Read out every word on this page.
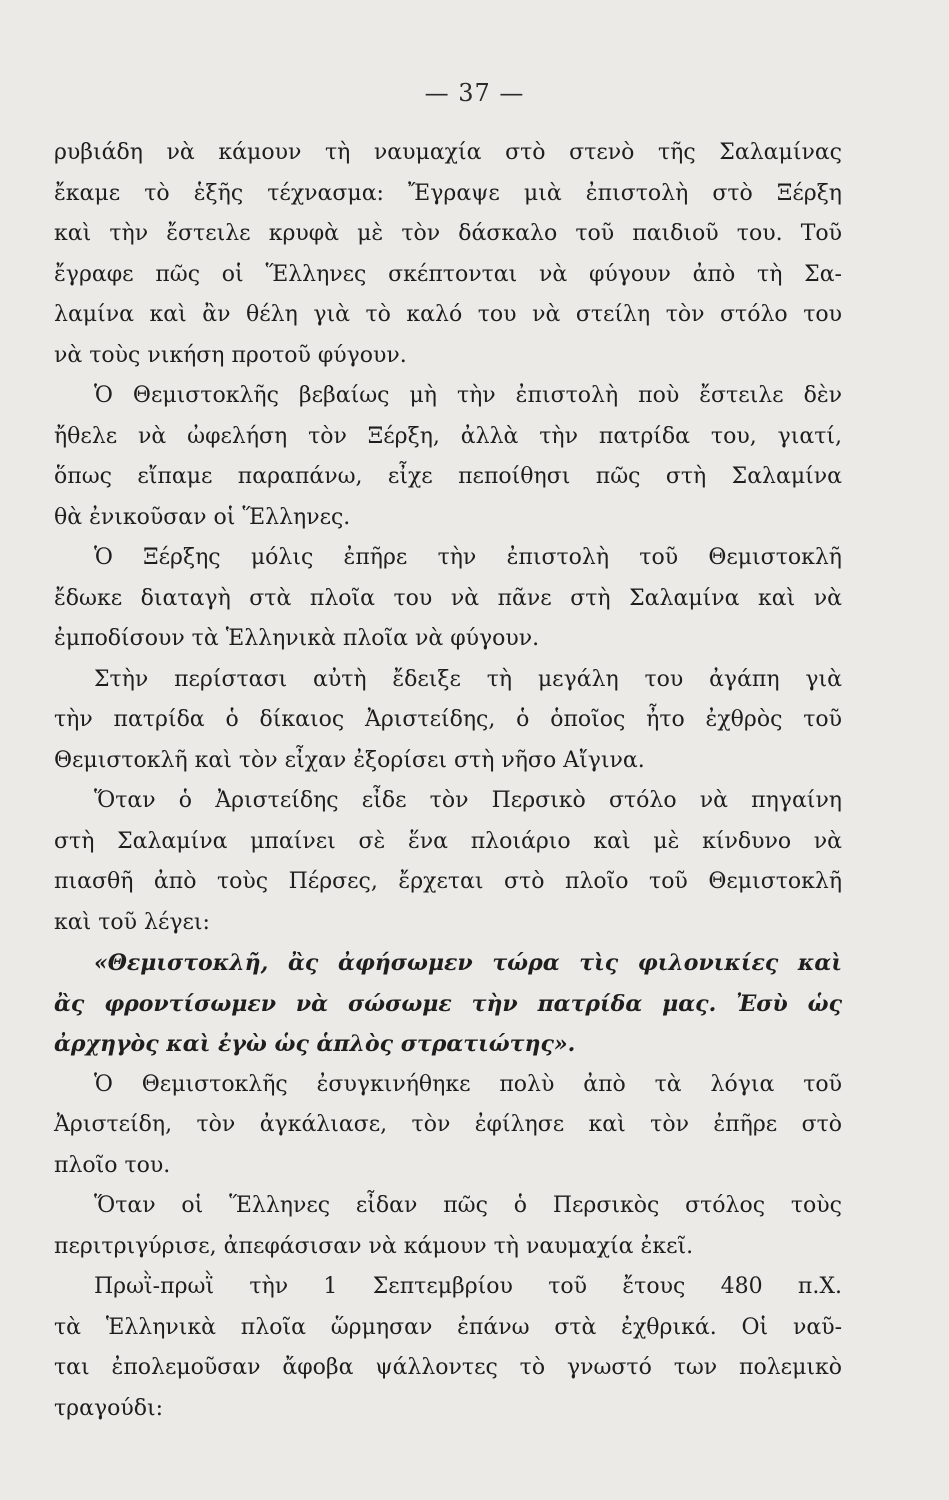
— 37 —
ρυβιάδη νὰ κάμουν τὴ ναυμαχία στὸ στενὸ τῆς Σαλαμίνας
ἔκαμε τὸ ἑξῆς τέχνασμα: Ἔγραψε μιὰ ἐπιστολὴ στὸ Ξέρξη
καὶ τὴν ἔστειλε κρυφὰ μὲ τὸν δάσκαλο τοῦ παιδιοῦ του. Τοῦ
ἔγραφε πῶς οἱ Ἕλληνες σκέπτονται νὰ φύγουν ἀπὸ τὴ Σα-
λαμίνα καὶ ἂν θέλη γιὰ τὸ καλό του νὰ στείλη τὸν στόλο του
νὰ τοὺς νικήση προτοῦ φύγουν.
Ὁ Θεμιστοκλῆς βεβαίως μὴ τὴν ἐπιστολὴ ποὺ ἔστειλε δὲν
ἤθελε νὰ ὠφελήση τὸν Ξέρξη, ἀλλὰ τὴν πατρίδα του, γιατί,
ὅπως εἴπαμε παραπάνω, εἶχε πεποίθησι πῶς στὴ Σαλαμίνα
θὰ ἐνικοῦσαν οἱ Ἕλληνες.
Ὁ Ξέρξης μόλις ἐπῆρε τὴν ἐπιστολὴ τοῦ Θεμιστοκλῆ
ἔδωκε διαταγὴ στὰ πλοῖα του νὰ πᾶνε στὴ Σαλαμίνα καὶ νὰ
ἐμποδίσουν τὰ Ἑλληνικὰ πλοῖα νὰ φύγουν.
Στὴν περίστασι αὐτὴ ἔδειξε τὴ μεγάλη του ἀγάπη γιὰ
τὴν πατρίδα ὁ δίκαιος Ἀριστείδης, ὁ ὁποῖος ἦτο ἐχθρὸς τοῦ
Θεμιστοκλῆ καὶ τὸν εἶχαν ἐξορίσει στὴ νῆσο Αἴγινα.
Ὅταν ὁ Ἀριστείδης εἶδε τὸν Περσικὸ στόλο νὰ πηγαίνη
στὴ Σαλαμίνα μπαίνει σὲ ἕνα πλοιάριο καὶ μὲ κίνδυνο νὰ
πιασθῆ ἀπὸ τοὺς Πέρσες, ἔρχεται στὸ πλοῖο τοῦ Θεμιστοκλῆ
καὶ τοῦ λέγει:
«Θεμιστοκλῆ, ἂς ἀφήσωμεν τώρα τὶς φιλονικίες καὶ
ἂς φροντίσωμεν νὰ σώσωμε τὴν πατρίδα μας. Ἐσὺ ὡς
ἀρχηγὸς καὶ ἐγὼ ὡς ἁπλὸς στρατιώτης».
Ὁ Θεμιστοκλῆς ἐσυγκινήθηκε πολὺ ἀπὸ τὰ λόγια τοῦ
Ἀριστείδη, τὸν ἀγκάλιασε, τὸν ἐφίλησε καὶ τὸν ἐπῆρε στὸ
πλοῖο του.
Ὅταν οἱ Ἕλληνες εἶδαν πῶς ὁ Περσικὸς στόλος τοὺς
περιτριγύρισε, ἀπεφάσισαν νὰ κάμουν τὴ ναυμαχία ἐκεῖ.
Πρωῒ-πρωῒ τὴν 1 Σεπτεμβρίου τοῦ ἔτους 480 π.Χ.
τὰ Ἑλληνικὰ πλοῖα ὥρμησαν ἐπάνω στὰ ἐχθρικά. Οἱ ναῦ-
ται ἐπολεμοῦσαν ἄφοβα ψάλλοντες τὸ γνωστό των πολεμικὸ
τραγούδι:
